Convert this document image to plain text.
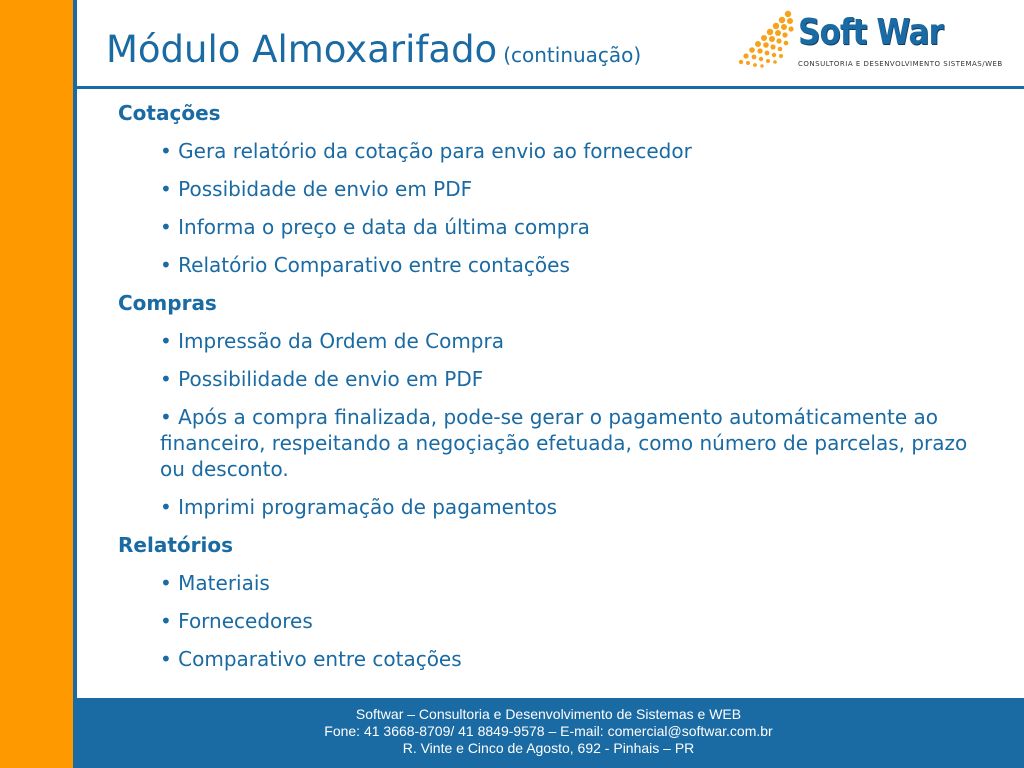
Módulo Almoxarifado (continuação)
Soft War
CONSULTORIA E DESENVOLVIMENTO SISTEMAS/WEB
Cotações
• Gera relatório da cotação para envio ao fornecedor
• Possibidade de envio em PDF
• Informa o preço e data da última compra
• Relatório Comparativo entre contações
Compras
• Impressão da Ordem de Compra
• Possibilidade de envio em PDF
• Após a compra finalizada, pode-se gerar o pagamento automáticamente ao financeiro, respeitando a negoçiação efetuada, como número de parcelas, prazo ou desconto.
• Imprimi programação de pagamentos
Relatórios
• Materiais
• Fornecedores
• Comparativo entre cotações
Softwar – Consultoria e Desenvolvimento de Sistemas e WEB
Fone: 41 3668-8709/ 41 8849-9578 – E-mail: comercial@softwar.com.br
R. Vinte e Cinco de Agosto, 692 - Pinhais – PR
